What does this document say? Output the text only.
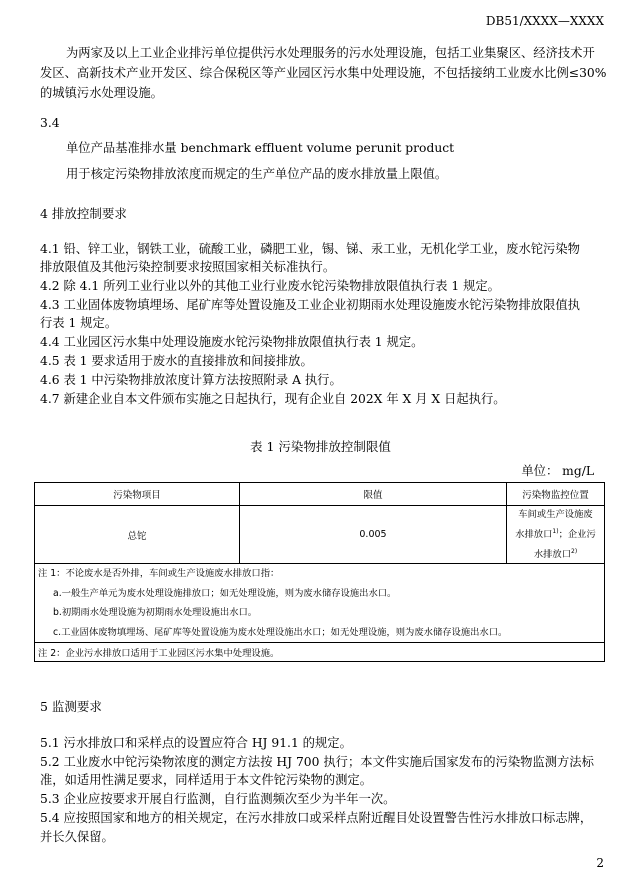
DB51/XXXX—XXXX
为两家及以上工业企业排污单位提供污水处理服务的污水处理设施，包括工业集聚区、经济技术开
发区、高新技术产业开发区、综合保税区等产业园区污水集中处理设施，不包括接纳工业废水比例≤30%
的城镇污水处理设施。
3.4
单位产品基准排水量 benchmark effluent volume perunit product
用于核定污染物排放浓度而规定的生产单位产品的废水排放量上限值。
4 排放控制要求
4.1 铅、锌工业，钢铁工业，硫酸工业，磷肥工业，锡、锑、汞工业，无机化学工业，废水铊污染物
排放限值及其他污染控制要求按照国家相关标准执行。
4.2 除 4.1 所列工业行业以外的其他工业行业废水铊污染物排放限值执行表 1 规定。
4.3 工业固体废物填埋场、尾矿库等处置设施及工业企业初期雨水处理设施废水铊污染物排放限值执
行表 1 规定。
4.4 工业园区污水集中处理设施废水铊污染物排放限值执行表 1 规定。
4.5 表 1 要求适用于废水的直接排放和间接排放。
4.6 表 1 中污染物排放浓度计算方法按照附录 A 执行。
4.7 新建企业自本文件颁布实施之日起执行，现有企业自 202X 年 X 月 X 日起执行。
表 1 污染物排放控制限值
单位： mg/L
污染物项目	限值	污染物监控位置
总铊	0.005	车间或生产设施废
水排放口$^{1)}$；企业污
水排放口$^{2)}$

注 1：不论废水是否外排，车间或生产设施废水排放口指：
a.一般生产单元为废水处理设施排放口；如无处理设施，则为废水储存设施出水口。
b.初期雨水处理设施为初期雨水处理设施出水口。
c.工业固体废物填埋场、尾矿库等处置设施为废水处理设施出水口；如无处理设施，则为废水储存设施出水口。		

注 2：企业污水排放口适用于工业园区污水集中处理设施。		
5 监测要求
5.1 污水排放口和采样点的设置应符合 HJ 91.1 的规定。
5.2 工业废水中铊污染物浓度的测定方法按 HJ 700 执行；本文件实施后国家发布的污染物监测方法标
准，如适用性满足要求，同样适用于本文件铊污染物的测定。
5.3 企业应按要求开展自行监测，自行监测频次至少为半年一次。
5.4 应按照国家和地方的相关规定，在污水排放口或采样点附近醒目处设置警告性污水排放口标志牌，
并长久保留。
2
